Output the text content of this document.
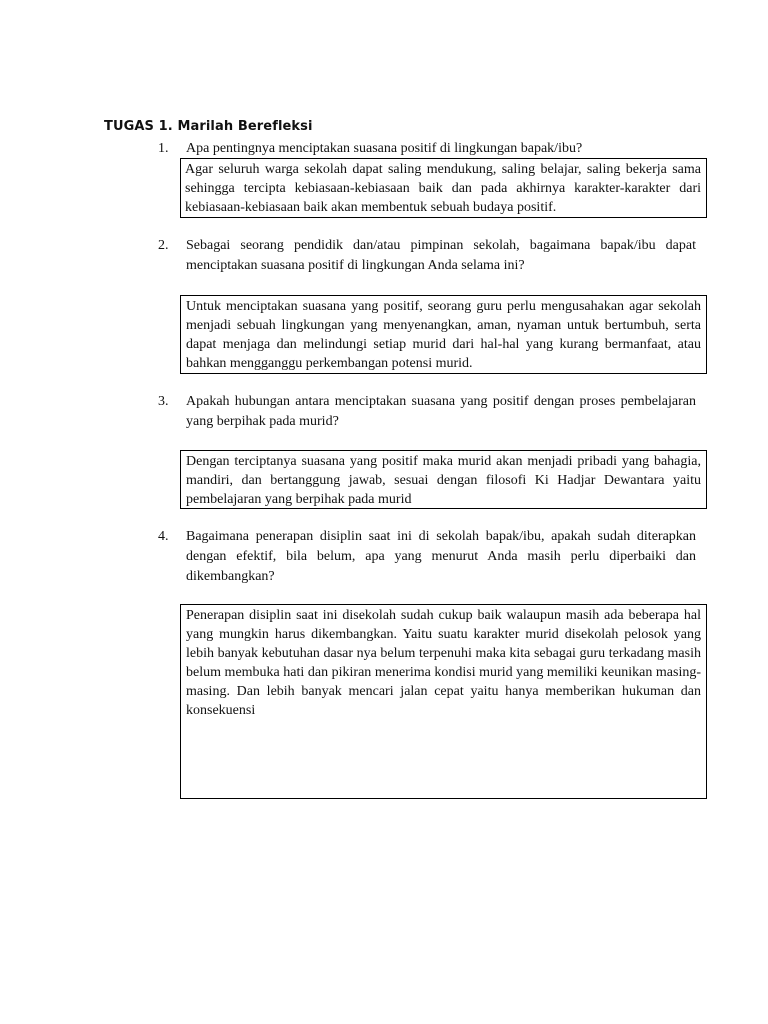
TUGAS 1. Marilah Berefleksi
1. Apa pentingnya menciptakan suasana positif di lingkungan bapak/ibu?
Agar seluruh warga sekolah dapat saling mendukung, saling belajar, saling bekerja sama sehingga tercipta kebiasaan-kebiasaan baik dan pada akhirnya karakter-karakter dari kebiasaan-kebiasaan baik akan membentuk sebuah budaya positif.
2. Sebagai seorang pendidik dan/atau pimpinan sekolah, bagaimana bapak/ibu dapat menciptakan suasana positif di lingkungan Anda selama ini?
Untuk menciptakan suasana yang positif, seorang guru perlu mengusahakan agar sekolah menjadi sebuah lingkungan yang menyenangkan, aman, nyaman untuk bertumbuh, serta dapat menjaga dan melindungi setiap murid dari hal-hal yang kurang bermanfaat, atau bahkan mengganggu perkembangan potensi murid.
3. Apakah hubungan antara menciptakan suasana yang positif dengan proses pembelajaran yang berpihak pada murid?
Dengan terciptanya suasana yang positif maka murid akan menjadi pribadi yang bahagia, mandiri, dan bertanggung jawab, sesuai dengan filosofi Ki Hadjar Dewantara yaitu pembelajaran yang berpihak pada murid
4. Bagaimana penerapan disiplin saat ini di sekolah bapak/ibu, apakah sudah diterapkan dengan efektif, bila belum, apa yang menurut Anda masih perlu diperbaiki dan dikembangkan?
Penerapan disiplin saat ini disekolah sudah cukup baik walaupun masih ada beberapa hal yang mungkin harus dikembangkan. Yaitu suatu karakter murid disekolah pelosok yang lebih banyak kebutuhan dasar nya belum terpenuhi maka kita sebagai guru terkadang masih belum membuka hati dan pikiran menerima kondisi murid yang memiliki keunikan masing-masing. Dan lebih banyak mencari jalan cepat yaitu hanya memberikan hukuman dan konsekuensi
